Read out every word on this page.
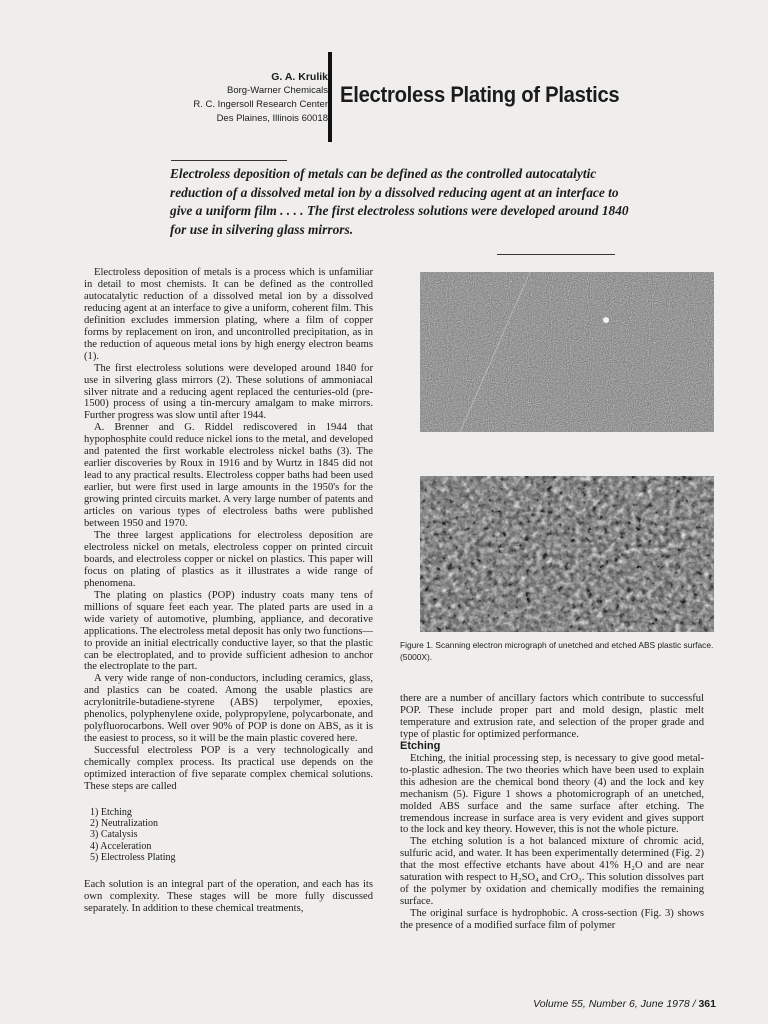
G. A. Krulik
Borg-Warner Chemicals
R. C. Ingersoll Research Center
Des Plaines, Illinois 60018
Electroless Plating of Plastics

Electroless deposition of metals can be defined as the controlled autocatalytic reduction of a dissolved metal ion by a dissolved reducing agent at an interface to give a uniform film . . . . The first electroless solutions were developed around 1840 for use in silvering glass mirrors.

Electroless deposition of metals is a process which is unfamiliar in detail to most chemists. It can be defined as the controlled autocatalytic reduction of a dissolved metal ion by a dissolved reducing agent at an interface to give a uniform, coherent film. This definition excludes immersion plating, where a film of copper forms by replacement on iron, and uncontrolled precipitation, as in the reduction of aqueous metal ions by high energy electron beams (1).

The first electroless solutions were developed around 1840 for use in silvering glass mirrors (2). These solutions of ammoniacal silver nitrate and a reducing agent replaced the centuries-old (pre-1500) process of using a tin-mercury amalgam to make mirrors. Further progress was slow until after 1944.

A. Brenner and G. Riddel rediscovered in 1944 that hypophosphite could reduce nickel ions to the metal, and developed and patented the first workable electroless nickel baths (3). The earlier discoveries by Roux in 1916 and by Wurtz in 1845 did not lead to any practical results. Electroless copper baths had been used earlier, but were first used in large amounts in the 1950's for the growing printed circuits market. A very large number of patents and articles on various types of electroless baths were published between 1950 and 1970.

The three largest applications for electroless deposition are electroless nickel on metals, electroless copper on printed circuit boards, and electroless copper or nickel on plastics. This paper will focus on plating of plastics as it illustrates a wide range of phenomena.

The plating on plastics (POP) industry coats many tens of millions of square feet each year. The plated parts are used in a wide variety of automotive, plumbing, appliance, and decorative applications. The electroless metal deposit has only two functions—to provide an initial electrically conductive layer, so that the plastic can be electroplated, and to provide sufficient adhesion to anchor the electroplate to the part.

A very wide range of non-conductors, including ceramics, glass, and plastics can be coated. Among the usable plastics are acrylonitrile-butadiene-styrene (ABS) terpolymer, epoxies, phenolics, polyphenylene oxide, polypropylene, polycarbonate, and polyfluorocarbons. Well over 90% of POP is done on ABS, as it is the easiest to process, so it will be the main plastic covered here.

Successful electroless POP is a very technologically and chemically complex process. Its practical use depends on the optimized interaction of five separate complex chemical solutions. These steps are called

1) Etching
2) Neutralization
3) Catalysis
4) Acceleration
5) Electroless Plating

Each solution is an integral part of the operation, and each has its own complexity. These stages will be more fully discussed separately. In addition to these chemical treatments,

Figure 1. Scanning electron micrograph of unetched and etched ABS plastic surface. (5000X).

there are a number of ancillary factors which contribute to successful POP. These include proper part and mold design, plastic melt temperature and extrusion rate, and selection of the proper grade and type of plastic for optimized performance.

Etching

Etching, the initial processing step, is necessary to give good metal-to-plastic adhesion. The two theories which have been used to explain this adhesion are the chemical bond theory (4) and the lock and key mechanism (5). Figure 1 shows a photomicrograph of an unetched, molded ABS surface and the same surface after etching. The tremendous increase in surface area is very evident and gives support to the lock and key theory. However, this is not the whole picture.

The etching solution is a hot balanced mixture of chromic acid, sulfuric acid, and water. It has been experimentally determined (Fig. 2) that the most effective etchants have about 41% H₂O and are near saturation with respect to H₂SO₄ and CrO₃. This solution dissolves part of the polymer by oxidation and chemically modifies the remaining surface.

The original surface is hydrophobic. A cross-section (Fig. 3) shows the presence of a modified surface film of polymer

Volume 55, Number 6, June 1978 / 361
